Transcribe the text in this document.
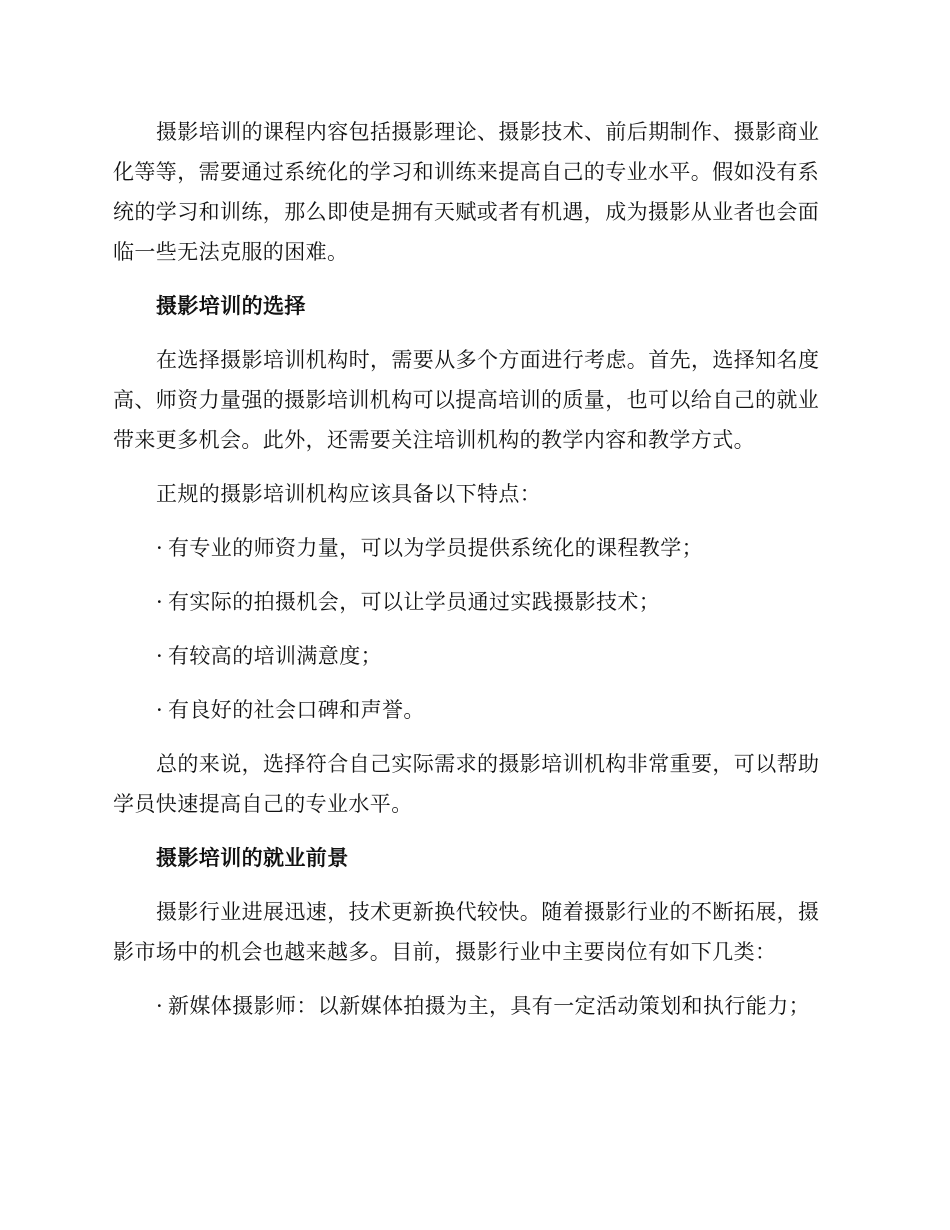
摄影培训的课程内容包括摄影理论、摄影技术、前后期制作、摄影商业化等等，需要通过系统化的学习和训练来提高自己的专业水平。假如没有系统的学习和训练，那么即使是拥有天赋或者有机遇，成为摄影从业者也会面临一些无法克服的困难。

摄影培训的选择

在选择摄影培训机构时，需要从多个方面进行考虑。首先，选择知名度高、师资力量强的摄影培训机构可以提高培训的质量，也可以给自己的就业带来更多机会。此外，还需要关注培训机构的教学内容和教学方式。

正规的摄影培训机构应该具备以下特点：

· 有专业的师资力量，可以为学员提供系统化的课程教学；

· 有实际的拍摄机会，可以让学员通过实践摄影技术；

· 有较高的培训满意度；

· 有良好的社会口碑和声誉。

总的来说，选择符合自己实际需求的摄影培训机构非常重要，可以帮助学员快速提高自己的专业水平。

摄影培训的就业前景

摄影行业进展迅速，技术更新换代较快。随着摄影行业的不断拓展，摄影市场中的机会也越来越多。目前，摄影行业中主要岗位有如下几类：

· 新媒体摄影师：以新媒体拍摄为主，具有一定活动策划和执行能力；
